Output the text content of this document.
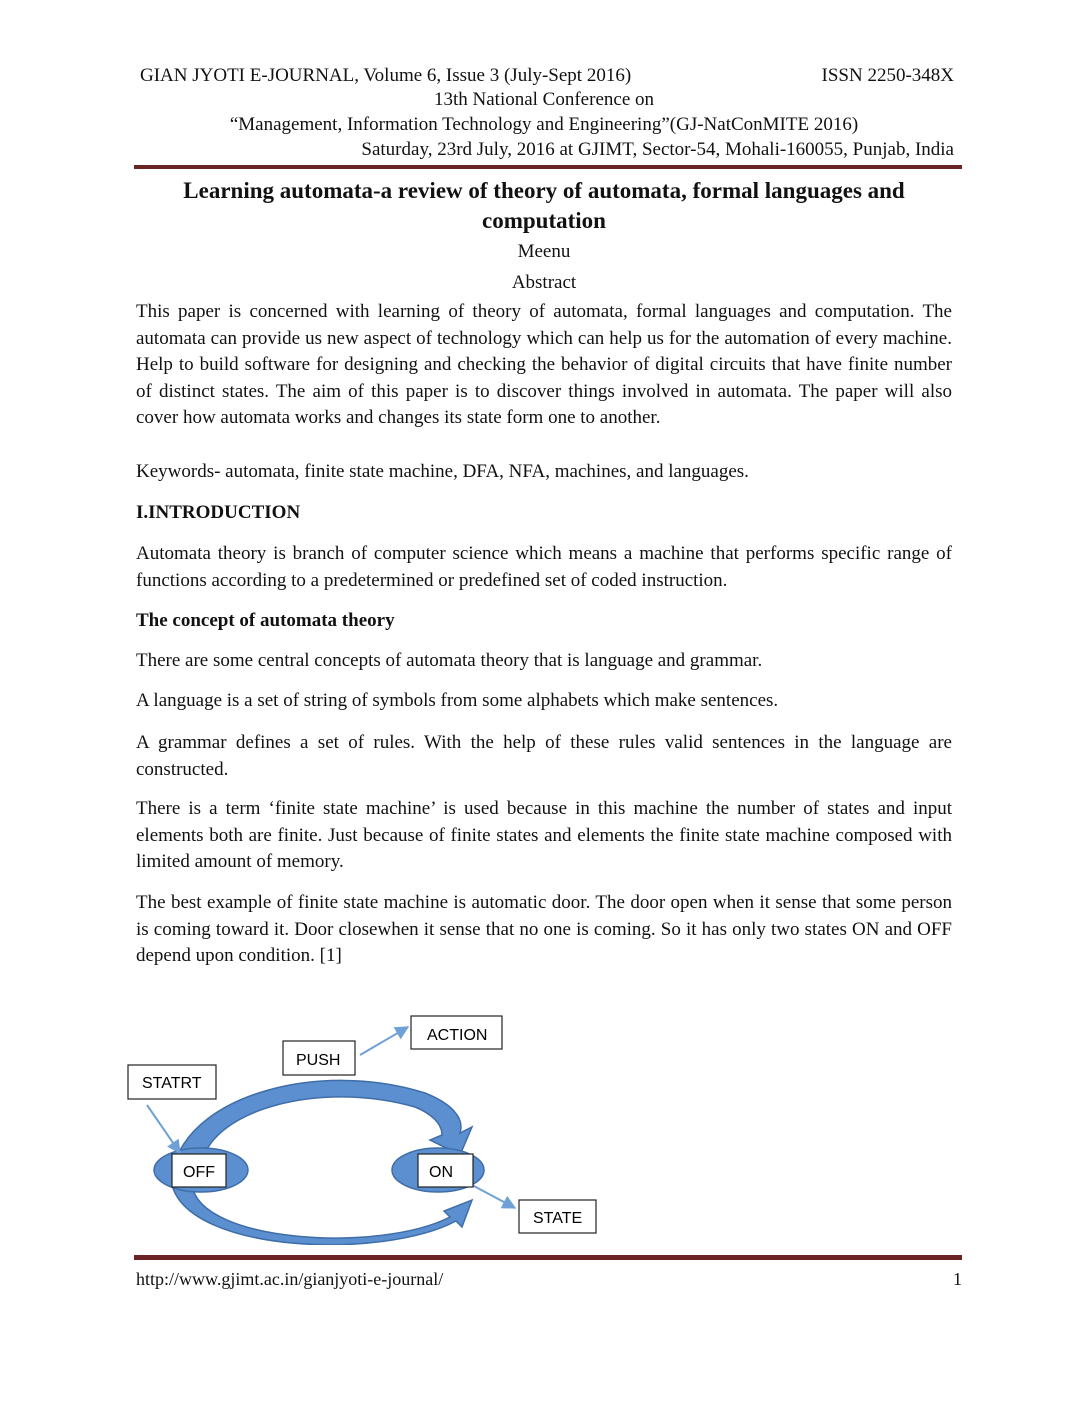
GIAN JYOTI E-JOURNAL, Volume 6, Issue 3 (July-Sept 2016)	ISSN 2250-348X
13th National Conference on
“Management, Information Technology and Engineering”(GJ-NatConMITE 2016)
Saturday, 23rd July, 2016 at GJIMT, Sector-54, Mohali-160055, Punjab, India
Learning automata-a review of theory of automata, formal languages and computation
Meenu
Abstract

This paper is concerned with learning of theory of automata, formal languages and computation. The automata can provide us new aspect of technology which can help us for the automation of every machine. Help to build software for designing and checking the behavior of digital circuits that have finite number of distinct states. The aim of this paper is to discover things involved in automata. The paper will also cover how automata works and changes its state form one to another.

Keywords- automata, finite state machine, DFA, NFA, machines, and languages.

I.INTRODUCTION

Automata theory is branch of computer science which means a machine that performs specific range of functions according to a predetermined or predefined set of coded instruction.

The concept of automata theory

There are some central concepts of automata theory that is language and grammar.

A language is a set of string of symbols from some alphabets which make sentences.

A grammar defines a set of rules. With the help of these rules valid sentences in the language are constructed.

There is a term ‘finite state machine’ is used because in this machine the number of states and input elements both are finite. Just because of finite states and elements the finite state machine composed with limited amount of memory.

The best example of finite state machine is automatic door. The door open when it sense that some person is coming toward it. Door closewhen it sense that no one is coming. So it has only two states ON and OFF depend upon condition. [1]

STATRT
PUSH
ACTION
OFF	ON
STATE
http://www.gjimt.ac.in/gianjyoti-e-journal/	1
